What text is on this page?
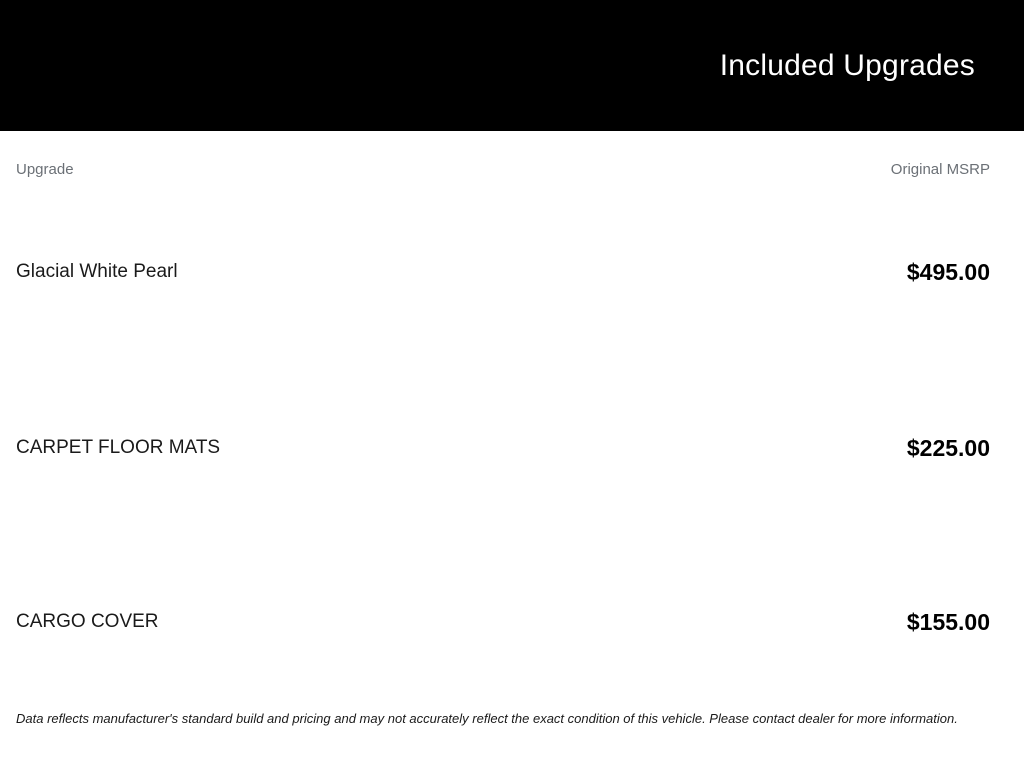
Included Upgrades
Upgrade	Original MSRP
Glacial White Pearl	$495.00
CARPET FLOOR MATS	$225.00
CARGO COVER	$155.00
Data reflects manufacturer's standard build and pricing and may not accurately reflect the exact condition of this vehicle. Please contact dealer for more information.
